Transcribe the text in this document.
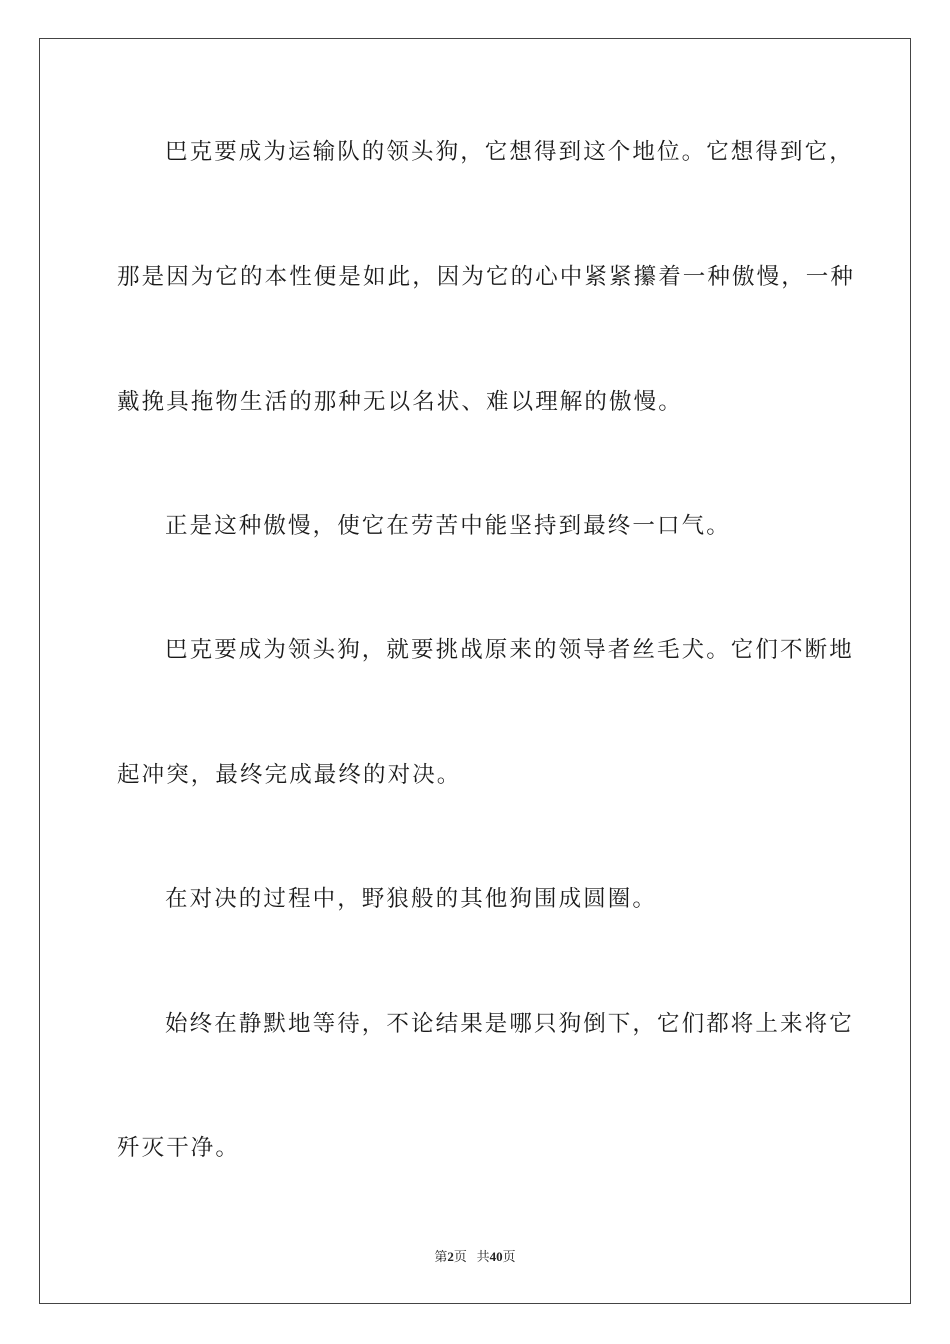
巴克要成为运输队的领头狗，它想得到这个地位。它想得到它，
那是因为它的本性便是如此，因为它的心中紧紧攥着一种傲慢，一种
戴挽具拖物生活的那种无以名状、难以理解的傲慢。
正是这种傲慢，使它在劳苦中能坚持到最终一口气。
巴克要成为领头狗，就要挑战原来的领导者丝毛犬。它们不断地
起冲突，最终完成最终的对决。
在对决的过程中，野狼般的其他狗围成圆圈。
始终在静默地等待，不论结果是哪只狗倒下，它们都将上来将它
歼灭干净。
第2页 共40页
